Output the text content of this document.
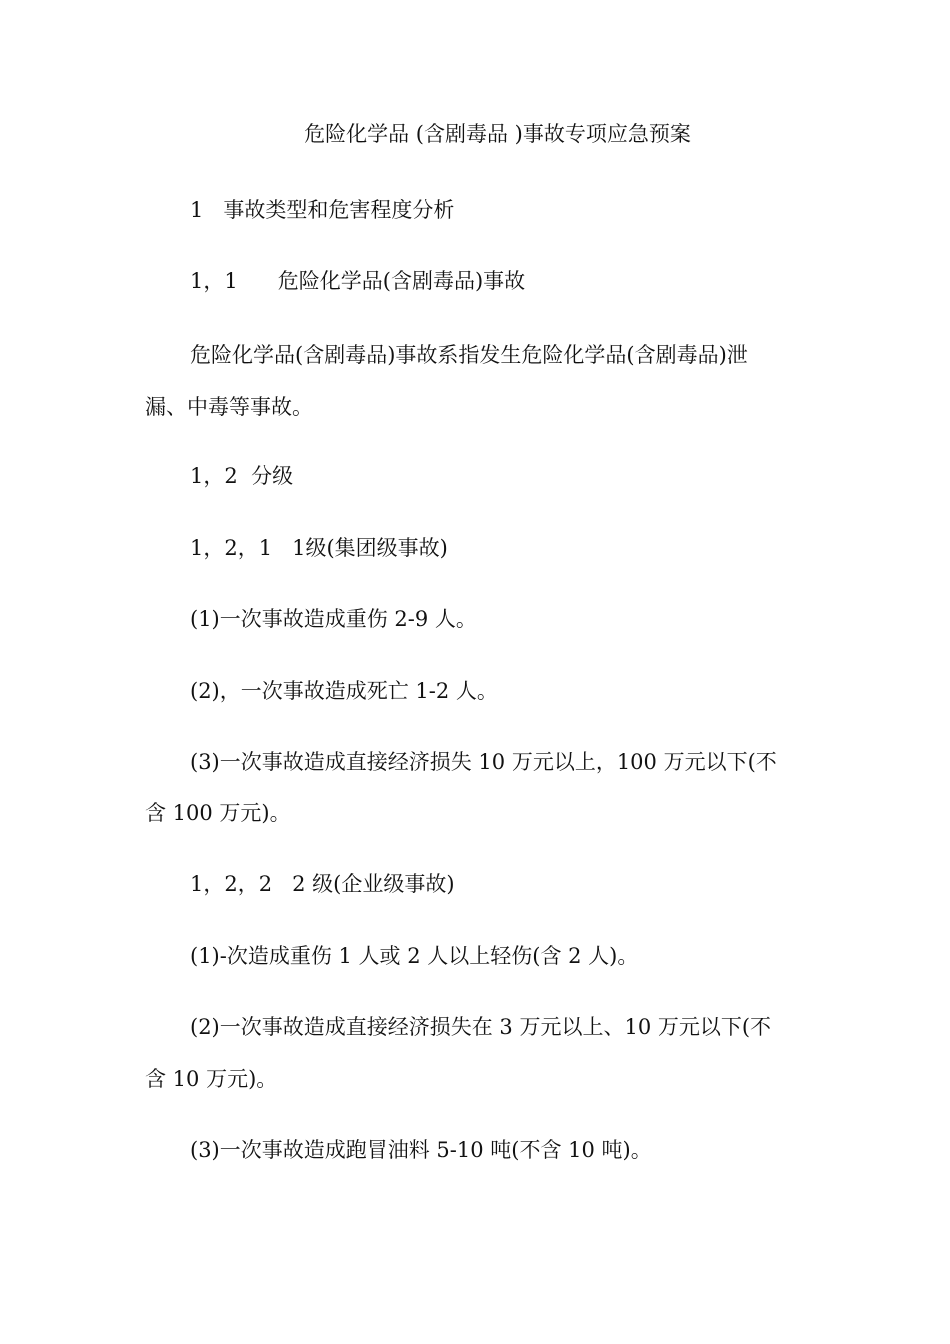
危险化学品 (含剧毒品 )事故专项应急预案
1   事故类型和危害程度分析
1，1      危险化学品(含剧毒品)事故
危险化学品(含剧毒品)事故系指发生危险化学品(含剧毒品)泄
漏、中毒等事故。
1，2  分级
1，2，1   1级(集团级事故)
(1)一次事故造成重伤 2-9 人。
(2)，一次事故造成死亡 1-2 人。
(3)一次事故造成直接经济损失 10 万元以上，100 万元以下(不
含 100 万元)。
1，2，2   2 级(企业级事故)
(1)-次造成重伤 1 人或 2 人以上轻伤(含 2 人)。
(2)一次事故造成直接经济损失在 3 万元以上、10 万元以下(不
含 10 万元)。
(3)一次事故造成跑冒油料 5-10 吨(不含 10 吨)。
